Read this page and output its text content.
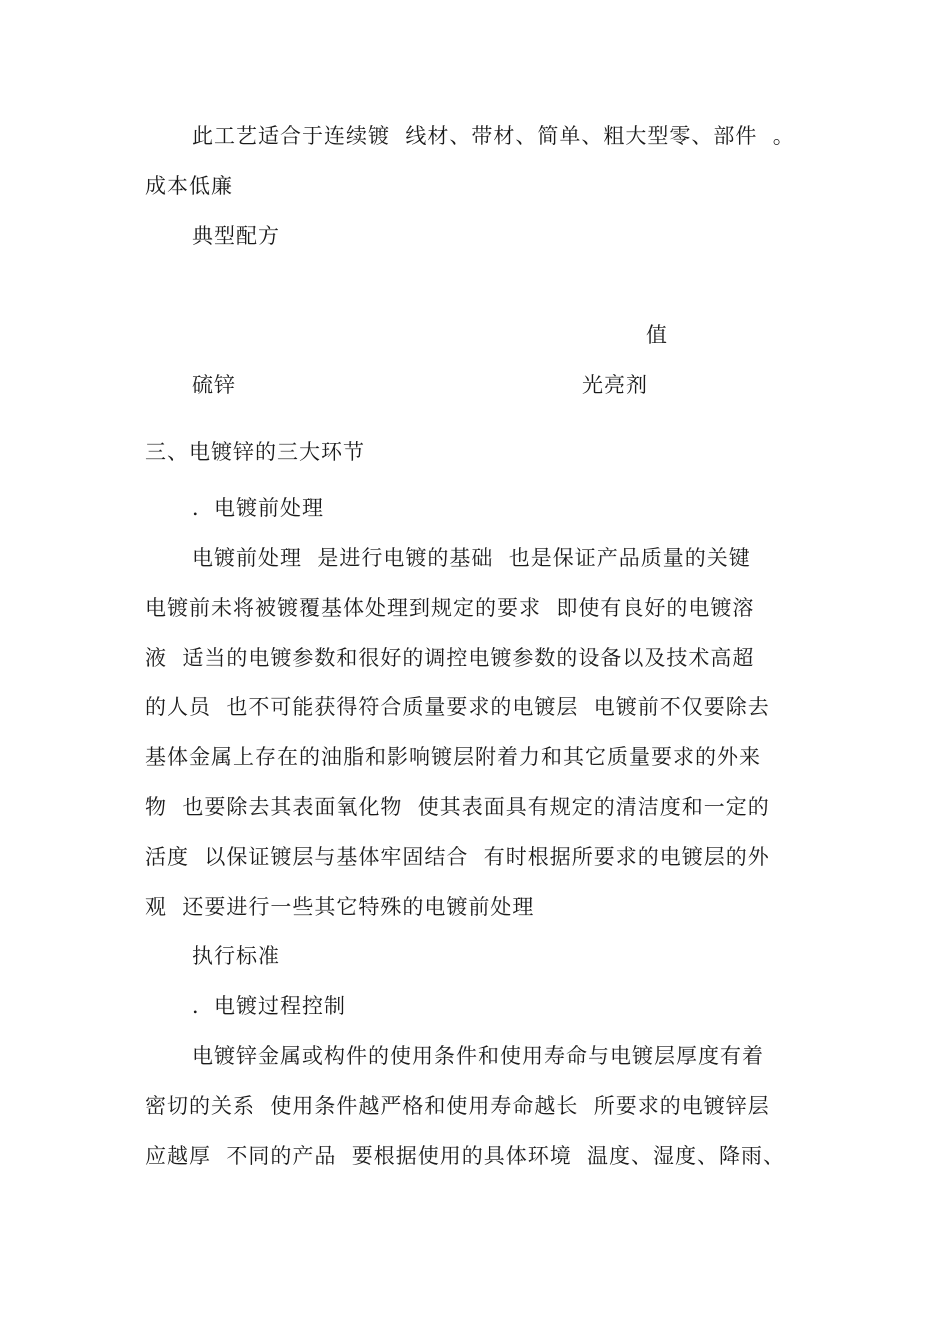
此工艺适合于连续镀  线材、带材、简单、粗大型零、部件  。
成本低廉
典型配方
值
硫锌	光亮剂
三、电镀锌的三大环节
．电镀前处理
电镀前处理  是进行电镀的基础  也是保证产品质量的关键
电镀前未将被镀覆基体处理到规定的要求  即使有良好的电镀溶
液  适当的电镀参数和很好的调控电镀参数的设备以及技术高超
的人员  也不可能获得符合质量要求的电镀层  电镀前不仅要除去
基体金属上存在的油脂和影响镀层附着力和其它质量要求的外来
物  也要除去其表面氧化物  使其表面具有规定的清洁度和一定的
活度  以保证镀层与基体牢固结合  有时根据所要求的电镀层的外
观  还要进行一些其它特殊的电镀前处理
执行标准
．电镀过程控制
电镀锌金属或构件的使用条件和使用寿命与电镀层厚度有着
密切的关系  使用条件越严格和使用寿命越长  所要求的电镀锌层
应越厚  不同的产品  要根据使用的具体环境  温度、湿度、降雨、
